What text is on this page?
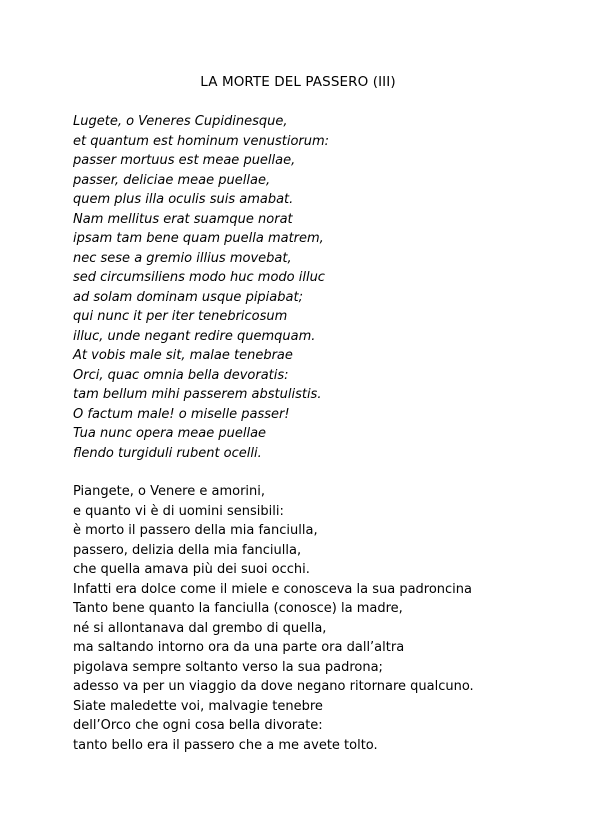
LA MORTE DEL PASSERO (III)
Lugete, o Veneres Cupidinesque,
et quantum est hominum venustiorum:
passer mortuus est meae puellae,
passer, deliciae meae puellae,
quem plus illa oculis suis amabat.
Nam mellitus erat suamque norat
ipsam tam bene quam puella matrem,
nec sese a gremio illius movebat,
sed circumsiliens modo huc modo illuc
ad solam dominam usque pipiabat;
qui nunc it per iter tenebricosum
illuc, unde negant redire quemquam.
At vobis male sit, malae tenebrae
Orci, quac omnia bella devoratis:
tam bellum mihi passerem abstulistis.
O factum male! o miselle passer!
Tua nunc opera meae puellae
flendo turgiduli rubent ocelli.
Piangete, o Venere e amorini,
e quanto vi è di uomini sensibili:
è morto il passero della mia fanciulla,
passero, delizia della mia fanciulla,
che quella amava più dei suoi occhi.
Infatti era dolce come il miele e conosceva la sua padroncina
Tanto bene quanto la fanciulla (conosce) la madre,
né si allontanava dal grembo di quella,
ma saltando intorno ora da una parte ora dall’altra
pigolava sempre soltanto verso la sua padrona;
adesso va per un viaggio da dove negano ritornare qualcuno.
Siate maledette voi, malvagie tenebre
dell’Orco che ogni cosa bella divorate:
tanto bello era il passero che a me avete tolto.
